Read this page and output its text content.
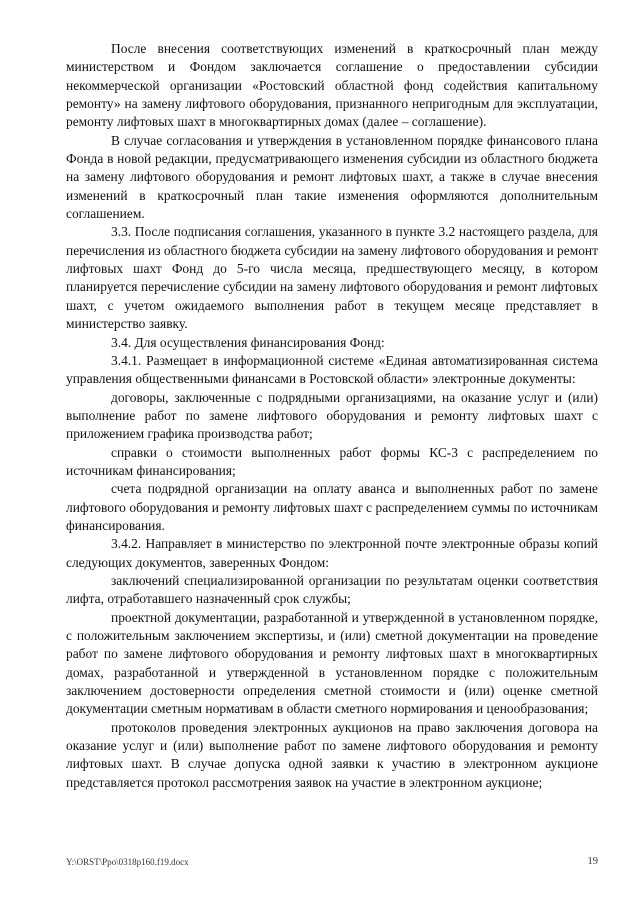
После внесения соответствующих изменений в краткосрочный план между министерством и Фондом заключается соглашение о предоставлении субсидии некоммерческой организации «Ростовский областной фонд содействия капитальному ремонту» на замену лифтового оборудования, признанного непригодным для эксплуатации, ремонту лифтовых шахт в многоквартирных домах (далее – соглашение).

В случае согласования и утверждения в установленном порядке финансового плана Фонда в новой редакции, предусматривающего изменения субсидии из областного бюджета на замену лифтового оборудования и ремонт лифтовых шахт, а также в случае внесения изменений в краткосрочный план такие изменения оформляются дополнительным соглашением.

3.3. После подписания соглашения, указанного в пункте 3.2 настоящего раздела, для перечисления из областного бюджета субсидии на замену лифтового оборудования и ремонт лифтовых шахт Фонд до 5-го числа месяца, предшествующего месяцу, в котором планируется перечисление субсидии на замену лифтового оборудования и ремонт лифтовых шахт, с учетом ожидаемого выполнения работ в текущем месяце представляет в министерство заявку.

3.4. Для осуществления финансирования Фонд:

3.4.1. Размещает в информационной системе «Единая автоматизированная система управления общественными финансами в Ростовской области» электронные документы:

договоры, заключенные с подрядными организациями, на оказание услуг и (или) выполнение работ по замене лифтового оборудования и ремонту лифтовых шахт с приложением графика производства работ;

справки о стоимости выполненных работ формы КС-3 с распределением по источникам финансирования;

счета подрядной организации на оплату аванса и выполненных работ по замене лифтового оборудования и ремонту лифтовых шахт с распределением суммы по источникам финансирования.

3.4.2. Направляет в министерство по электронной почте электронные образы копий следующих документов, заверенных Фондом:

заключений специализированной организации по результатам оценки соответствия лифта, отработавшего назначенный срок службы;

проектной документации, разработанной и утвержденной в установленном порядке, с положительным заключением экспертизы, и (или) сметной документации на проведение работ по замене лифтового оборудования и ремонту лифтовых шахт в многоквартирных домах, разработанной и утвержденной в установленном порядке с положительным заключением достоверности определения сметной стоимости и (или) оценке сметной документации сметным нормативам в области сметного нормирования и ценообразования;

протоколов проведения электронных аукционов на право заключения договора на оказание услуг и (или) выполнение работ по замене лифтового оборудования и ремонту лифтовых шахт. В случае допуска одной заявки к участию в электронном аукционе представляется протокол рассмотрения заявок на участие в электронном аукционе;

Y:\ORST\Ppo\0318p160.f19.docx	19
